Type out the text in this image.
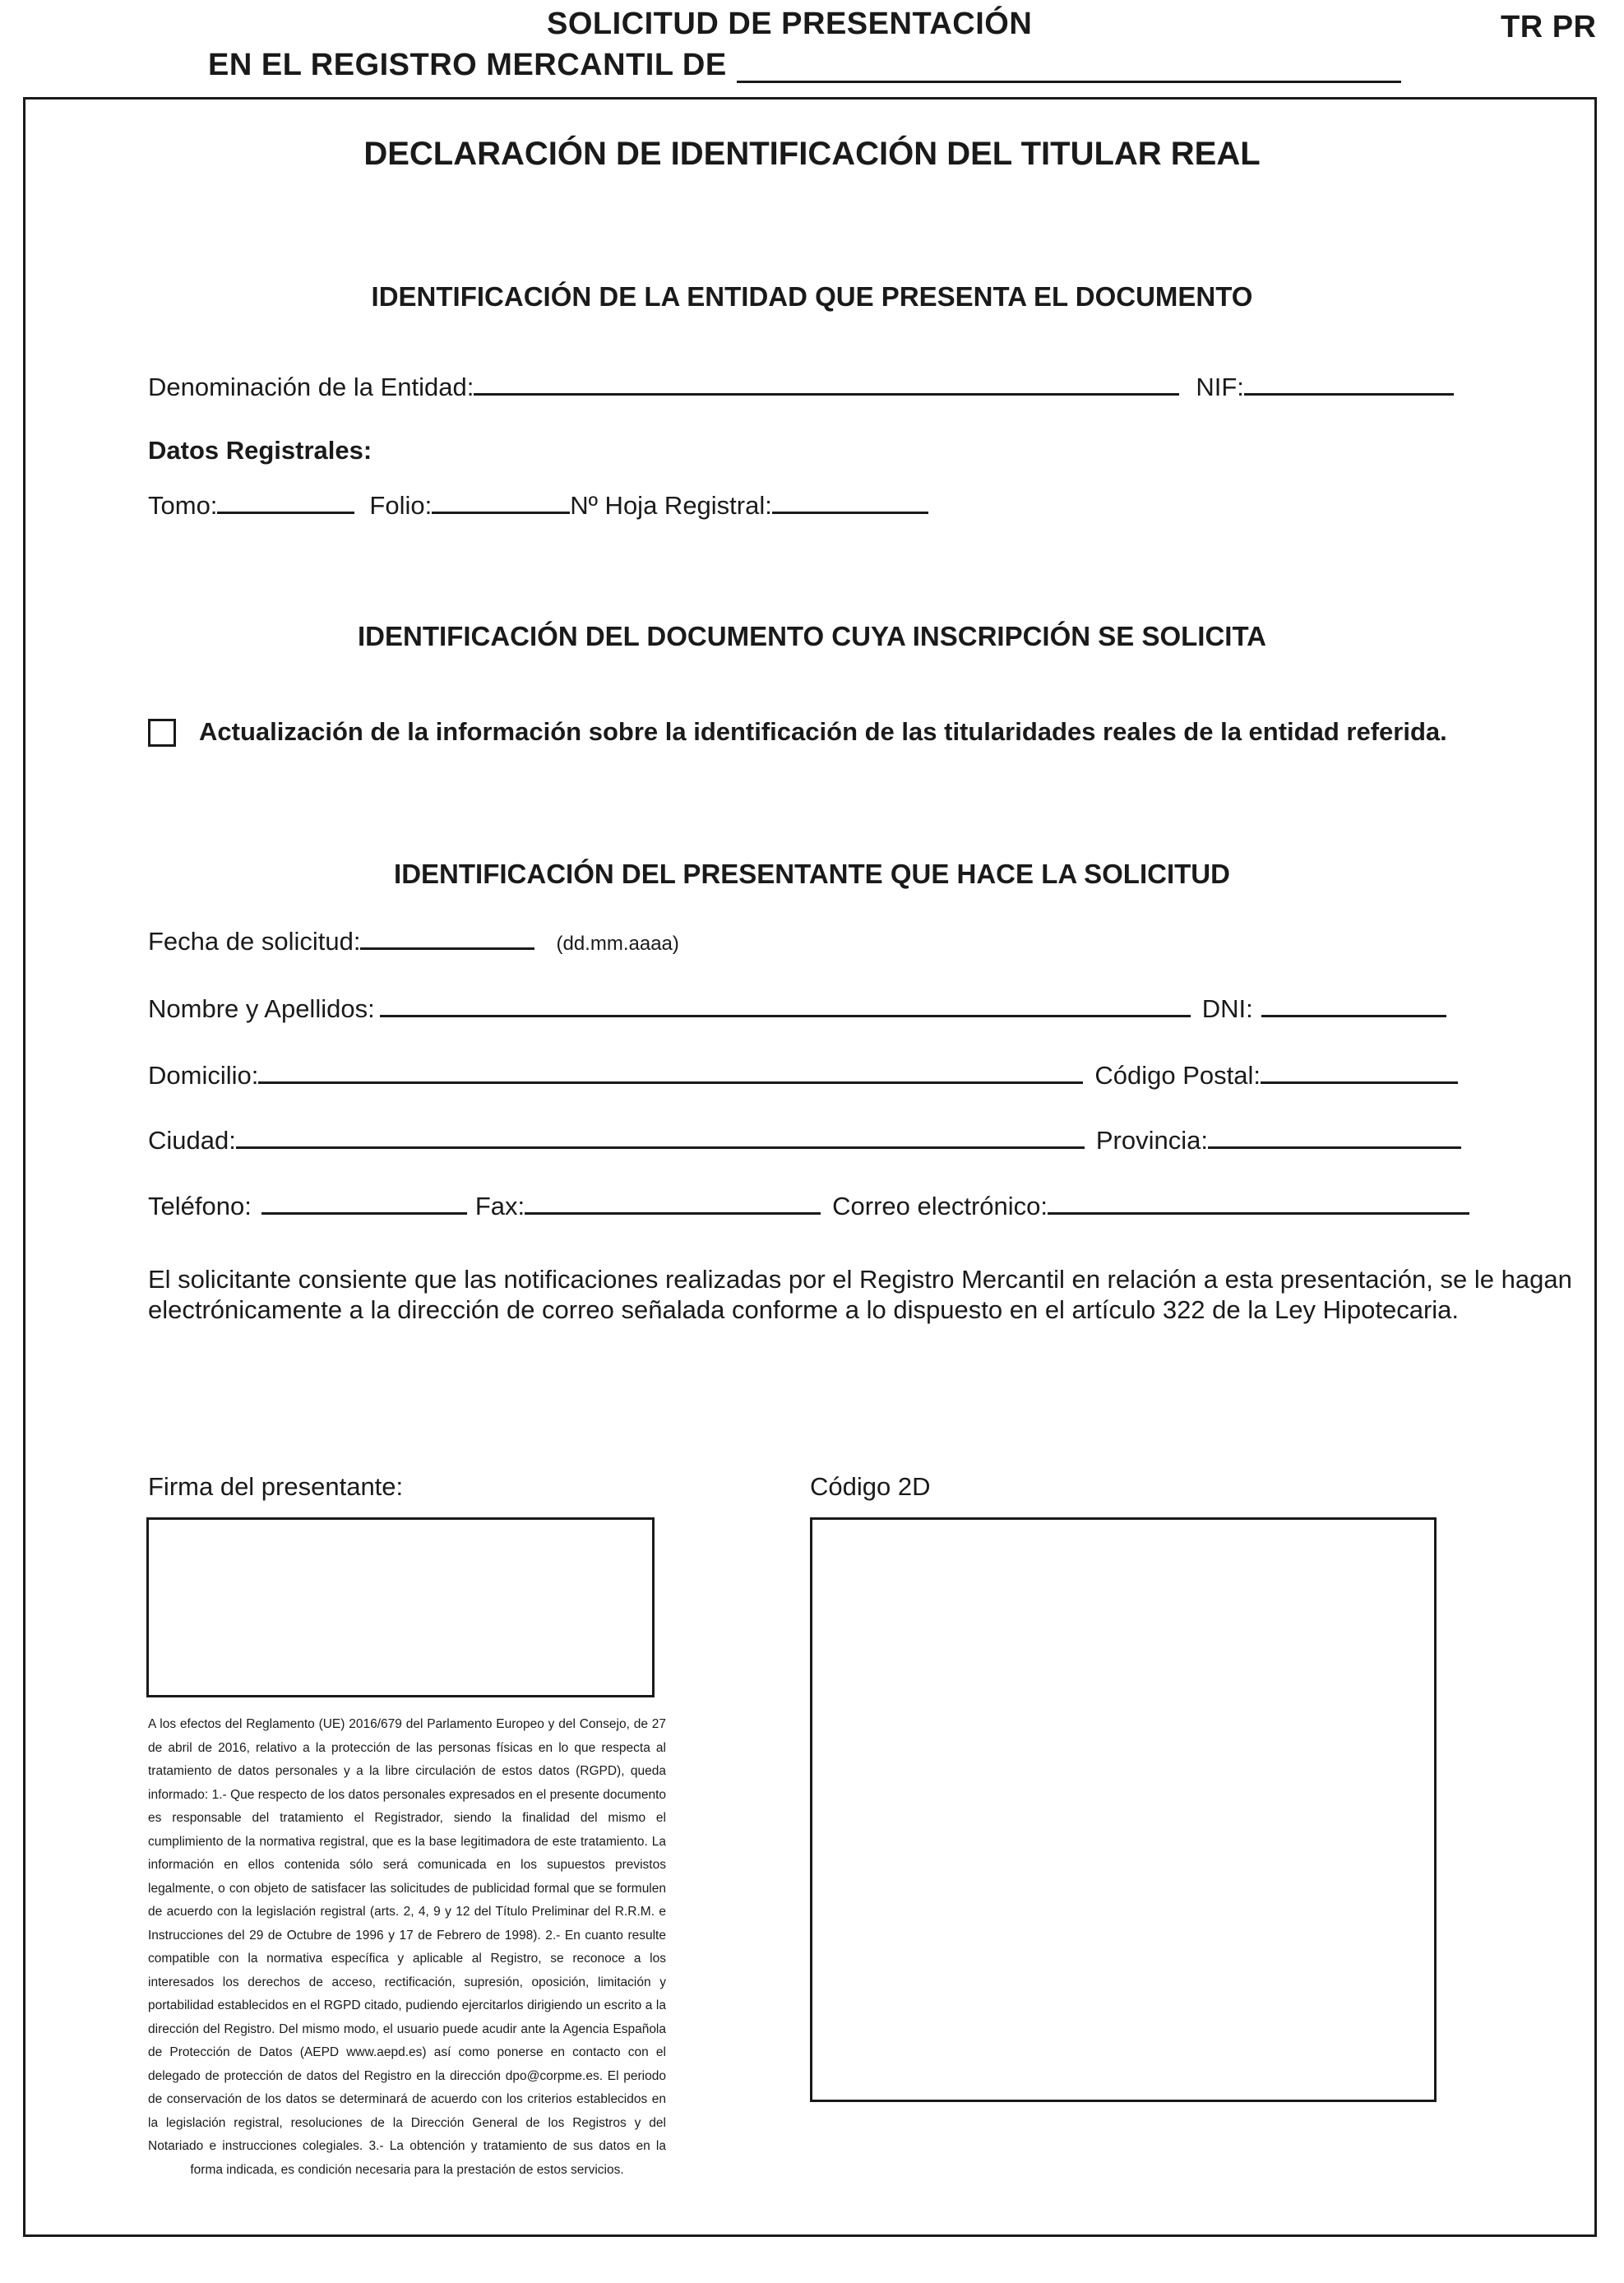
SOLICITUD DE PRESENTACIÓN
EN EL REGISTRO MERCANTIL DE
TR PR
DECLARACIÓN DE IDENTIFICACIÓN DEL TITULAR REAL
IDENTIFICACIÓN DE LA ENTIDAD QUE PRESENTA EL DOCUMENTO
Denominación de la Entidad:	NIF:
Datos Registrales:
Tomo:	Folio:	Nº Hoja Registral:
IDENTIFICACIÓN DEL DOCUMENTO CUYA INSCRIPCIÓN SE SOLICITA
Actualización de la información sobre la identificación de las titularidades reales de la entidad referida.
IDENTIFICACIÓN DEL PRESENTANTE QUE HACE LA SOLICITUD
Fecha de solicitud:	(dd.mm.aaaa)
Nombre y Apellidos:	DNI:
Domicilio:	Código Postal:
Ciudad:	Provincia:
Teléfono:	Fax:	Correo electrónico:
El solicitante consiente que las notificaciones realizadas por el Registro Mercantil en relación a esta presentación, se le hagan electrónicamente a la dirección de correo señalada conforme a lo dispuesto en el artículo 322 de la Ley Hipotecaria.
Firma del presentante:	Código 2D
A los efectos del Reglamento (UE) 2016/679 del Parlamento Europeo y del Consejo, de 27 de abril de 2016, relativo a la protección de las personas físicas en lo que respecta al tratamiento de datos personales y a la libre circulación de estos datos (RGPD), queda informado: 1.- Que respecto de los datos personales expresados en el presente documento es responsable del tratamiento el Registrador, siendo la finalidad del mismo el cumplimiento de la normativa registral, que es la base legitimadora de este tratamiento. La información en ellos contenida sólo será comunicada en los supuestos previstos legalmente, o con objeto de satisfacer las solicitudes de publicidad formal que se formulen de acuerdo con la legislación registral (arts. 2, 4, 9 y 12 del Título Preliminar del R.R.M. e Instrucciones del 29 de Octubre de 1996 y 17 de Febrero de 1998). 2.- En cuanto resulte compatible con la normativa específica y aplicable al Registro, se reconoce a los interesados los derechos de acceso, rectificación, supresión, oposición, limitación y portabilidad establecidos en el RGPD citado, pudiendo ejercitarlos dirigiendo un escrito a la dirección del Registro. Del mismo modo, el usuario puede acudir ante la Agencia Española de Protección de Datos (AEPD www.aepd.es) así como ponerse en contacto con el delegado de protección de datos del Registro en la dirección dpo@corpme.es. El periodo de conservación de los datos se determinará de acuerdo con los criterios establecidos en la legislación registral, resoluciones de la Dirección General de los Registros y del Notariado e instrucciones colegiales. 3.- La obtención y tratamiento de sus datos en la forma indicada, es condición necesaria para la prestación de estos servicios.
